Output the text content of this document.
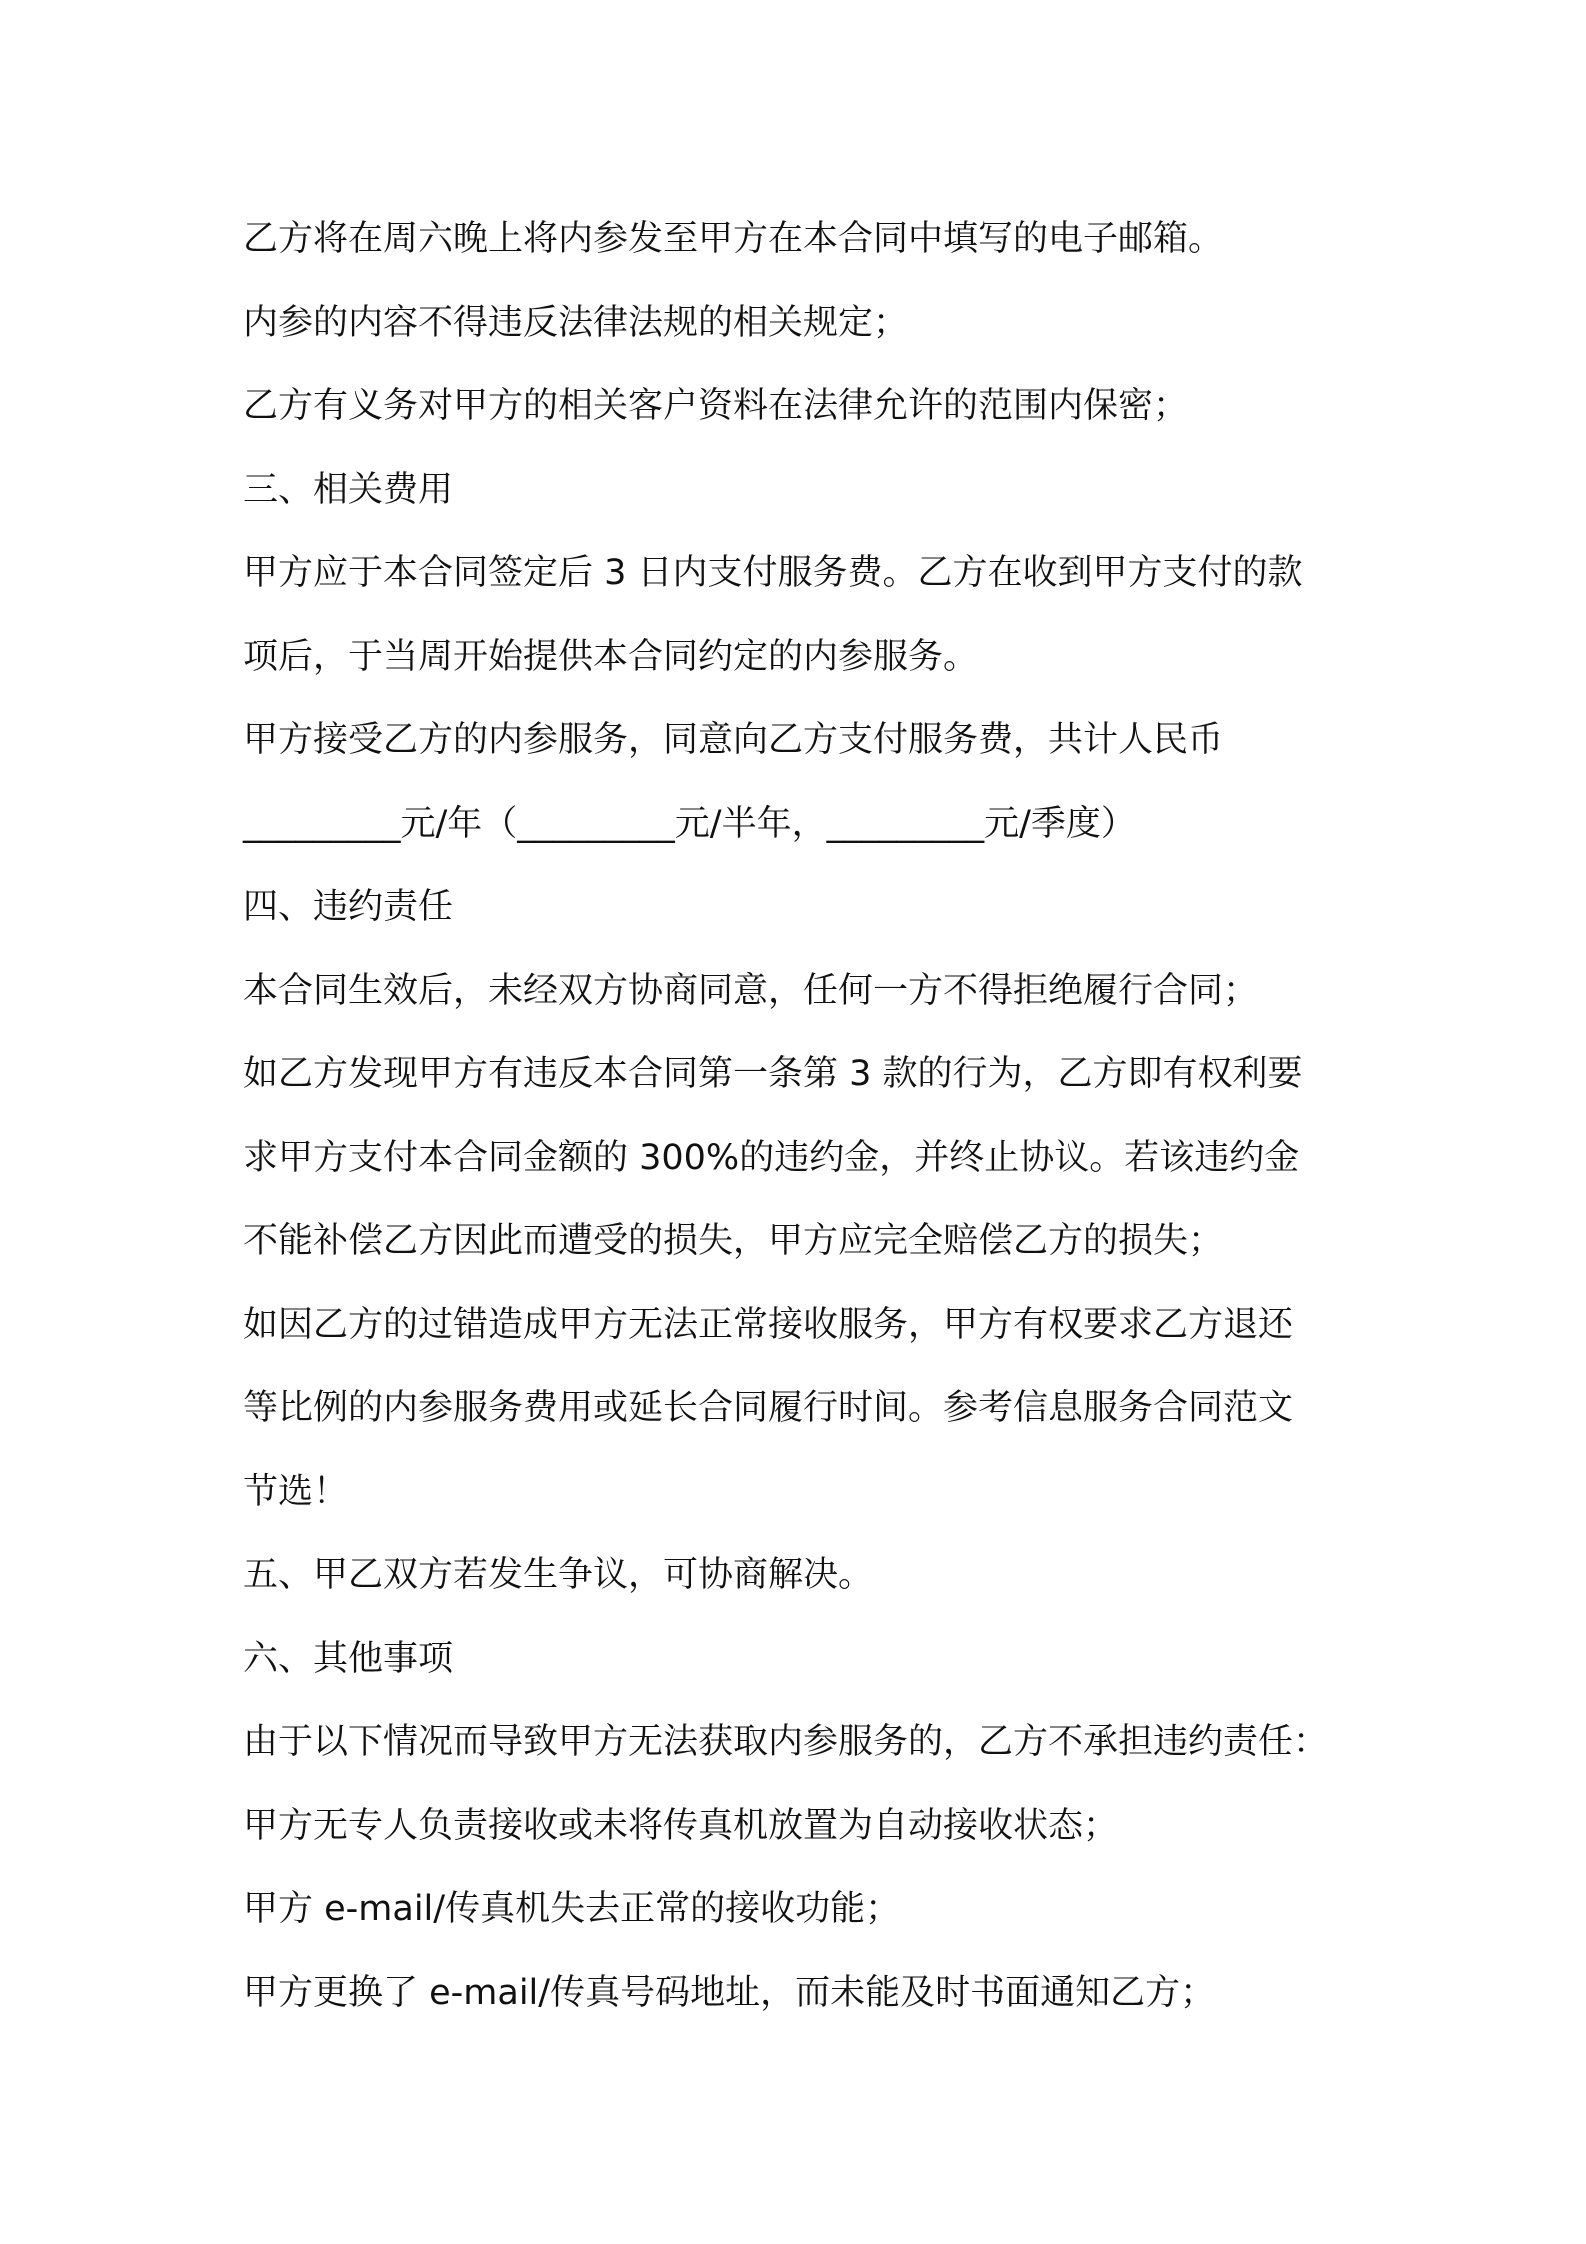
乙方将在周六晚上将内参发至甲方在本合同中填写的电子邮箱。
内参的内容不得违反法律法规的相关规定；
乙方有义务对甲方的相关客户资料在法律允许的范围内保密；
三、相关费用
甲方应于本合同签定后 3 日内支付服务费。乙方在收到甲方支付的款
项后，于当周开始提供本合同约定的内参服务。
甲方接受乙方的内参服务，同意向乙方支付服务费，共计人民币
_________元/年（_________元/半年，_________元/季度）
四、违约责任
本合同生效后，未经双方协商同意，任何一方不得拒绝履行合同；
如乙方发现甲方有违反本合同第一条第 3 款的行为，乙方即有权利要
求甲方支付本合同金额的 300%的违约金，并终止协议。若该违约金
不能补偿乙方因此而遭受的损失，甲方应完全赔偿乙方的损失；
如因乙方的过错造成甲方无法正常接收服务，甲方有权要求乙方退还
等比例的内参服务费用或延长合同履行时间。参考信息服务合同范文
节选！
五、甲乙双方若发生争议，可协商解决。
六、其他事项
由于以下情况而导致甲方无法获取内参服务的，乙方不承担违约责任：
甲方无专人负责接收或未将传真机放置为自动接收状态；
甲方 e-mail/传真机失去正常的接收功能；
甲方更换了 e-mail/传真号码地址，而未能及时书面通知乙方；
